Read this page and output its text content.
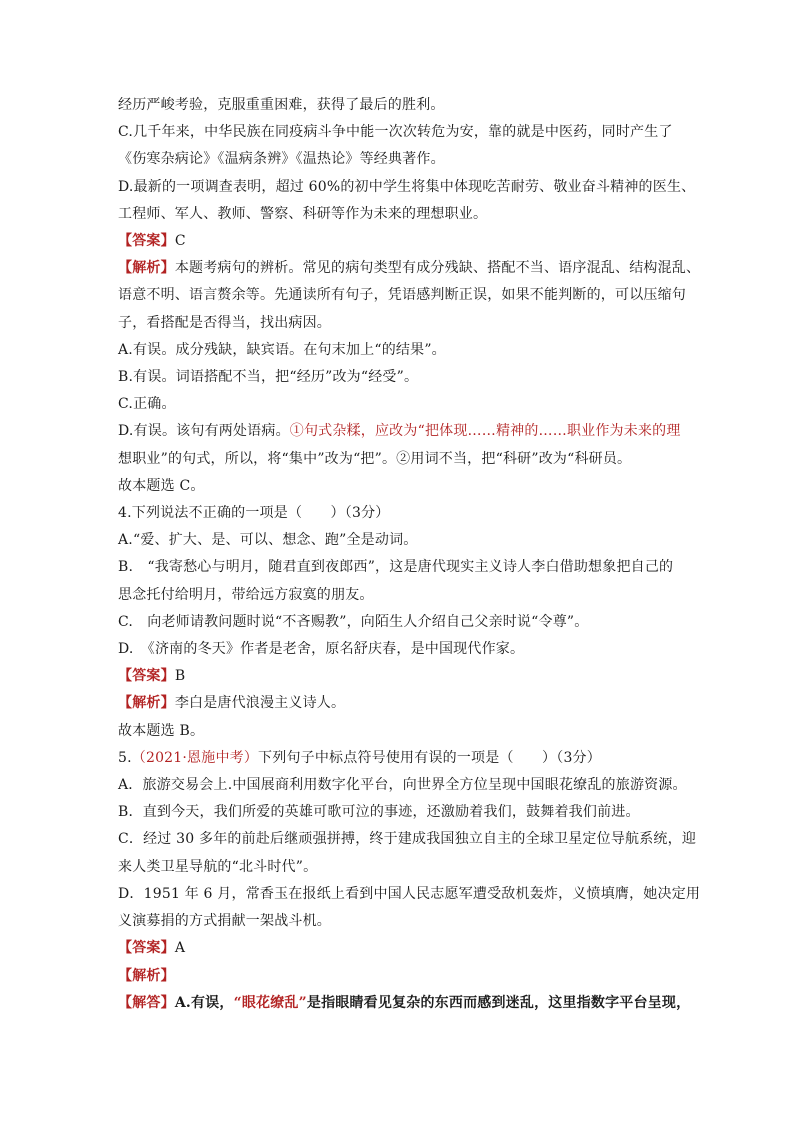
经历严峻考验，克服重重困难，获得了最后的胜利。
C.几千年来，中华民族在同疫病斗争中能一次次转危为安，靠的就是中医药，同时产生了
《伤寒杂病论》《温病条辨》《温热论》等经典著作。
D.最新的一项调查表明，超过 60%的初中学生将集中体现吃苦耐劳、敬业奋斗精神的医生、
工程师、军人、教师、警察、科研等作为未来的理想职业。
【答案】C
【解析】本题考病句的辨析。常见的病句类型有成分残缺、搭配不当、语序混乱、结构混乱、
语意不明、语言赘余等。先通读所有句子，凭语感判断正误，如果不能判断的，可以压缩句
子，看搭配是否得当，找出病因。
A.有误。成分残缺，缺宾语。在句末加上“的结果”。
B.有误。词语搭配不当，把“经历”改为“经受”。
C.正确。
D.有误。该句有两处语病。①句式杂糅，应改为“把体现……精神的……职业作为未来的理
想职业”的句式，所以，将“集中”改为“把”。②用词不当，把“科研”改为“科研员。
故本题选 C。
4.下列说法不正确的一项是（　　）（3分）
A.“爱、扩大、是、可以、想念、跑”全是动词。
B.　“我寄愁心与明月，随君直到夜郎西”，这是唐代现实主义诗人李白借助想象把自己的
思念托付给明月，带给远方寂寞的朋友。
C.　向老师请教问题时说“不吝赐教”，向陌生人介绍自己父亲时说“令尊”。
D.　《济南的冬天》作者是老舍，原名舒庆春，是中国现代作家。
【答案】B
【解析】李白是唐代浪漫主义诗人。
故本题选 B。
5.（2021·恩施中考）下列句子中标点符号使用有误的一项是（　　）（3分）
A．旅游交易会上.中国展商利用数字化平台，向世界全方位呈现中国眼花缭乱的旅游资源。
B．直到今天，我们所爱的英雄可歌可泣的事迹，还激励着我们，鼓舞着我们前进。
C．经过 30 多年的前赴后继顽强拼搏，终于建成我国独立自主的全球卫星定位导航系统，迎
来人类卫星导航的“北斗时代”。
D．1951 年 6 月，常香玉在报纸上看到中国人民志愿军遭受敌机轰炸，义愤填膺，她决定用
义演募捐的方式捐献一架战斗机。
【答案】A
【解析】
【解答】A.有误，“眼花缭乱”是指眼睛看见复杂的东西而感到迷乱，这里指数字平台呈现，
